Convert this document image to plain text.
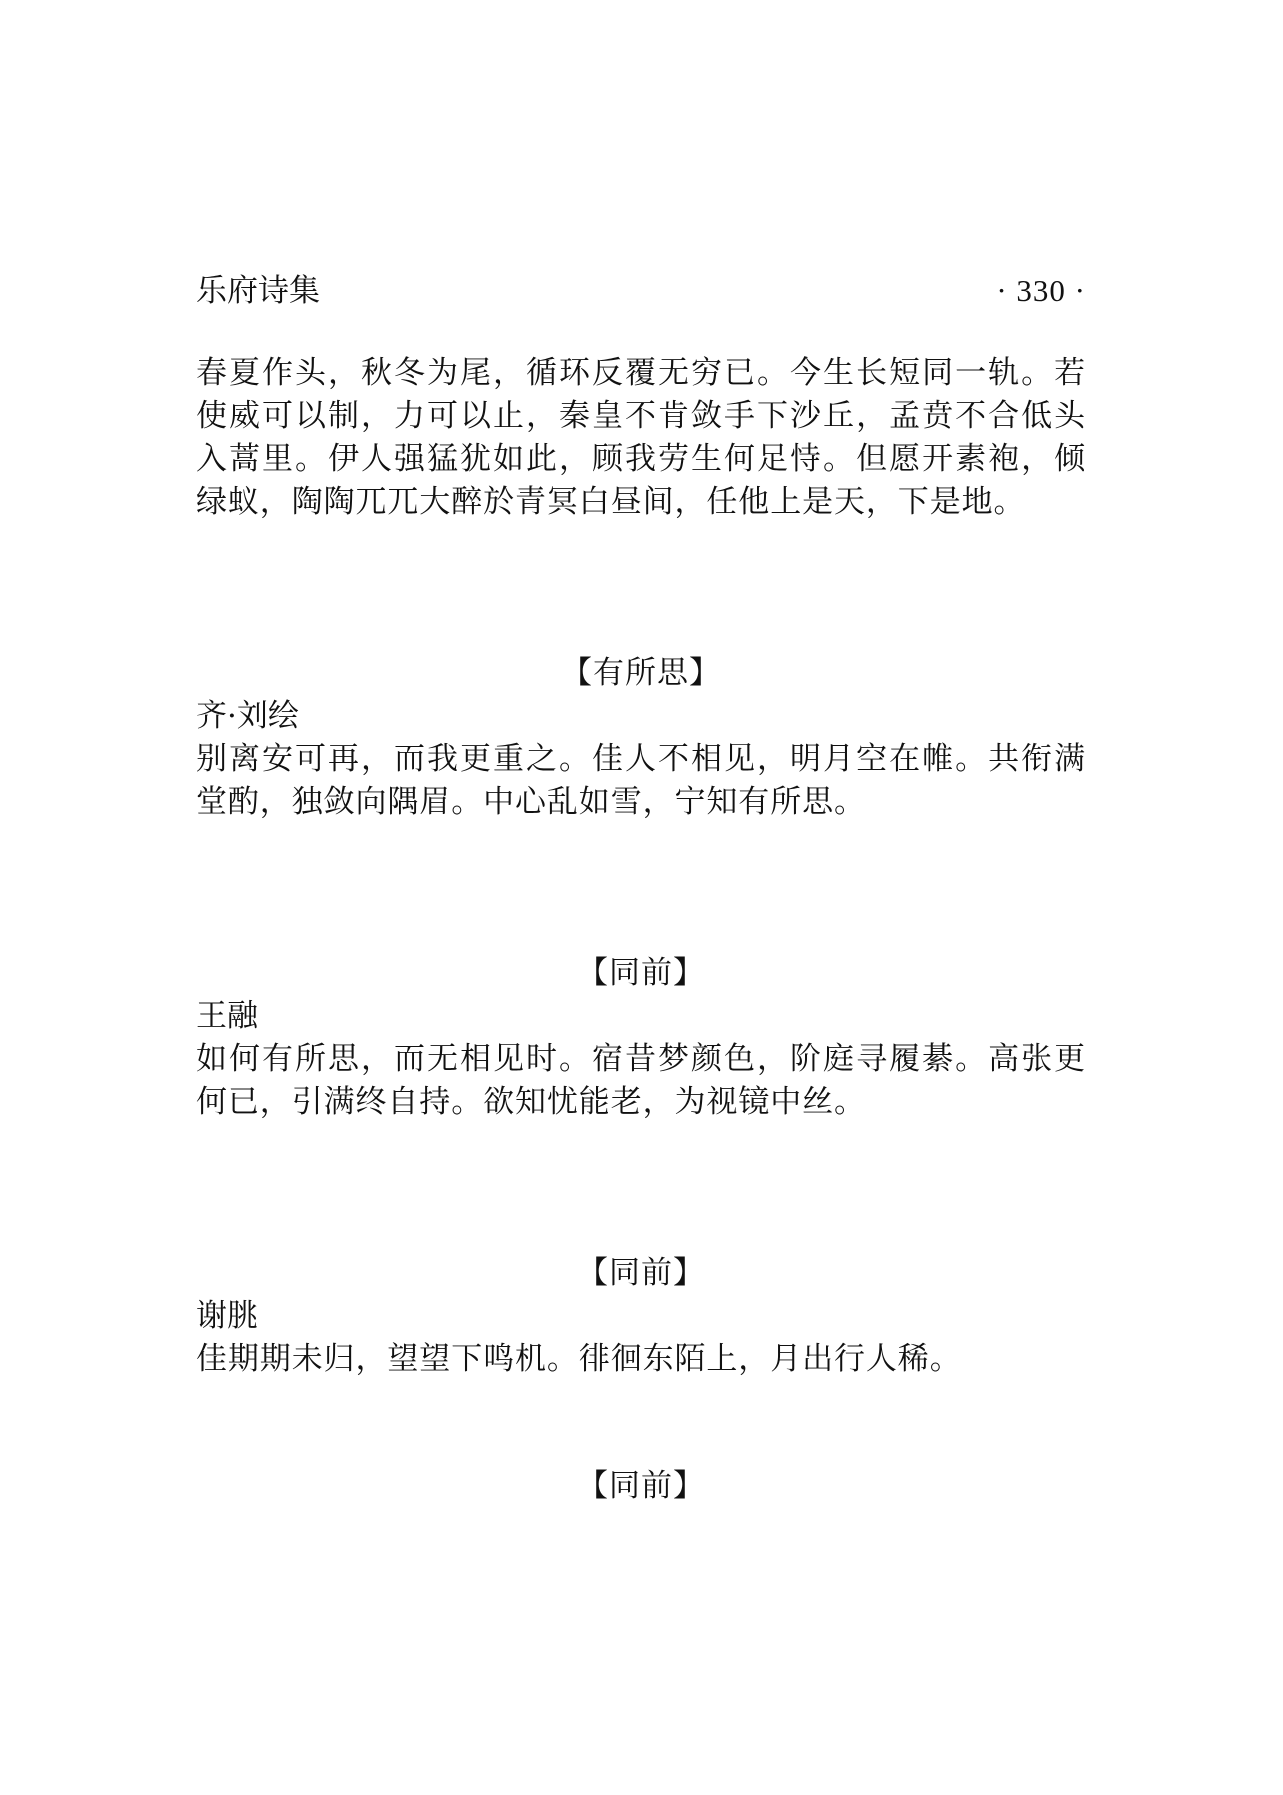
乐府诗集	· 330 ·

春夏作头，秋冬为尾，循环反覆无穷已。今生长短同一轨。若使威可以制，力可以止，秦皇不肯敛手下沙丘，孟贲不合低头入蒿里。伊人强猛犹如此，顾我劳生何足恃。但愿开素袍，倾绿蚁，陶陶兀兀大醉於青冥白昼间，任他上是天，下是地。

【有所思】

齐·刘绘

别离安可再，而我更重之。佳人不相见，明月空在帷。共衔满堂酌，独敛向隅眉。中心乱如雪，宁知有所思。

【同前】

王融

如何有所思，而无相见时。宿昔梦颜色，阶庭寻履綦。高张更何已，引满终自持。欲知忧能老，为视镜中丝。

【同前】

谢朓

佳期期未归，望望下鸣机。徘徊东陌上，月出行人稀。

【同前】
